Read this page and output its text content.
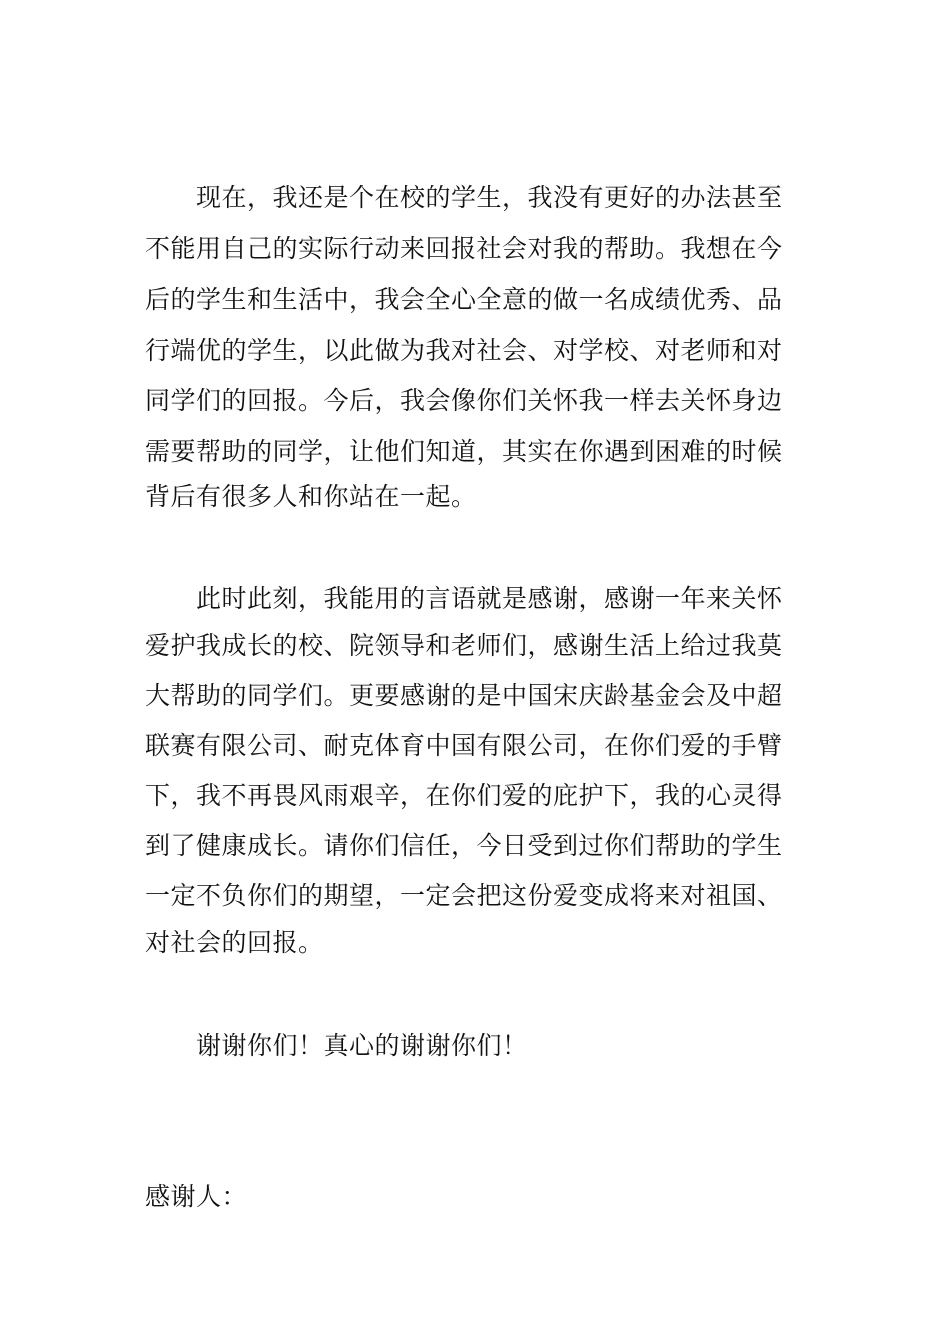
现在，我还是个在校的学生，我没有更好的办法甚至
不能用自己的实际行动来回报社会对我的帮助。我想在今
后的学生和生活中，我会全心全意的做一名成绩优秀、品
行端优的学生，以此做为我对社会、对学校、对老师和对
同学们的回报。今后，我会像你们关怀我一样去关怀身边
需要帮助的同学，让他们知道，其实在你遇到困难的时候
背后有很多人和你站在一起。
此时此刻，我能用的言语就是感谢，感谢一年来关怀
爱护我成长的校、院领导和老师们，感谢生活上给过我莫
大帮助的同学们。更要感谢的是中国宋庆龄基金会及中超
联赛有限公司、耐克体育中国有限公司，在你们爱的手臂
下，我不再畏风雨艰辛，在你们爱的庇护下，我的心灵得
到了健康成长。请你们信任，今日受到过你们帮助的学生
一定不负你们的期望，一定会把这份爱变成将来对祖国、
对社会的回报。
谢谢你们！真心的谢谢你们！
感谢人：
